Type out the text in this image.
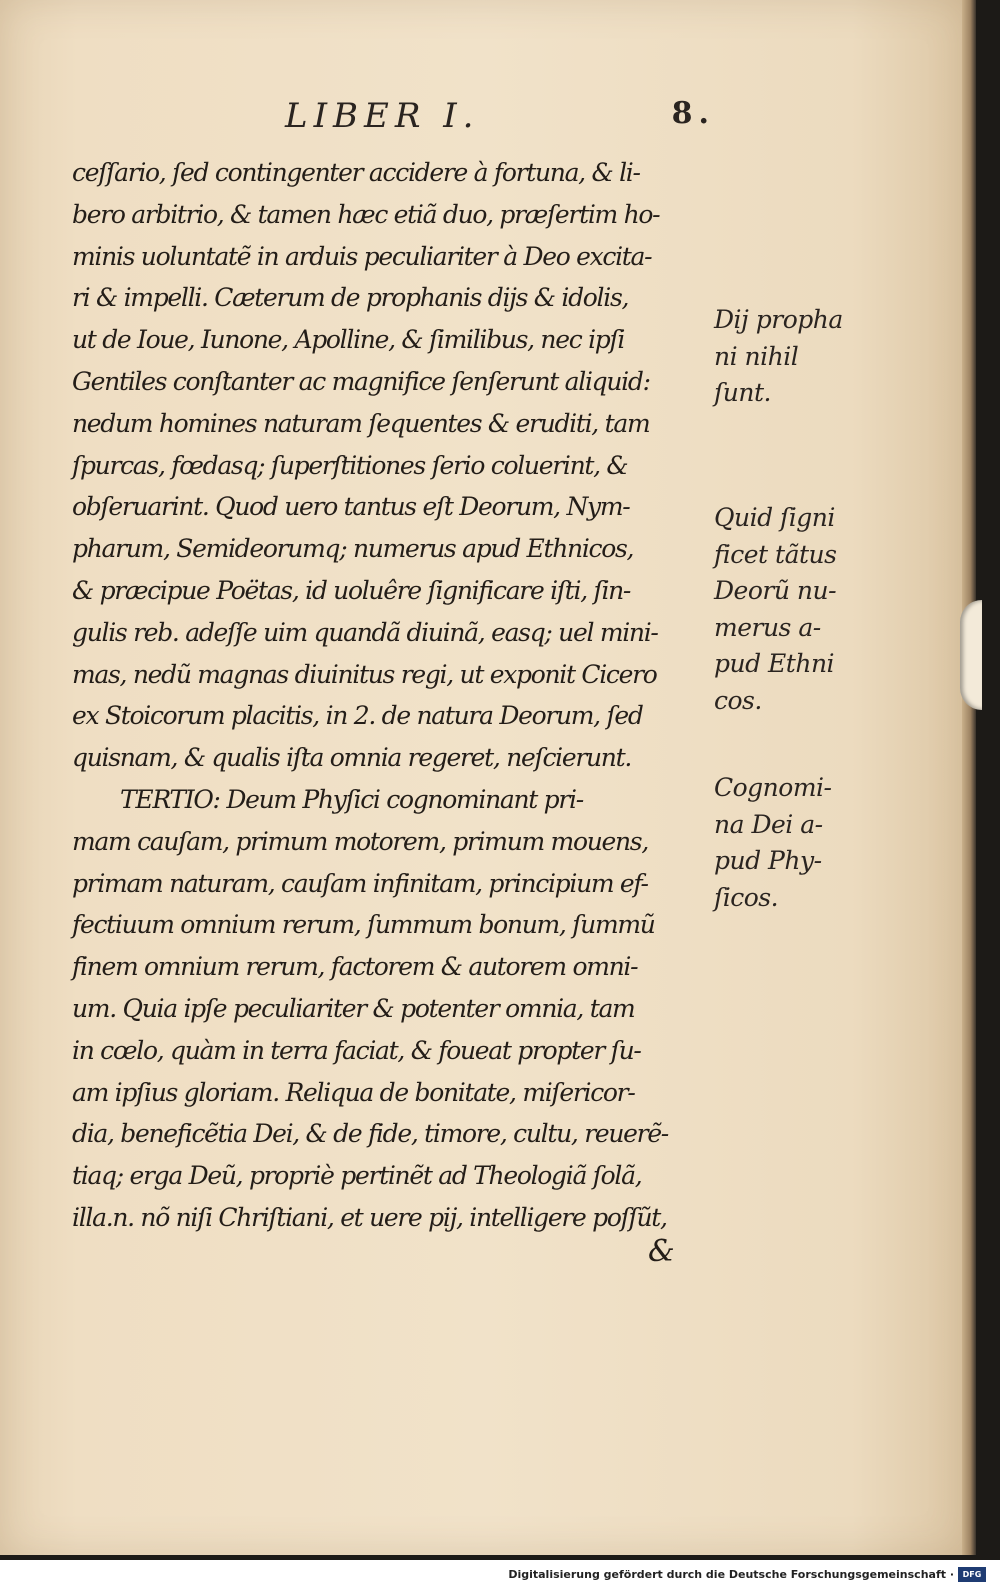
LIBER I.	8.
ceſſario, ſed contingenter accidere à fortuna, & li-
bero arbitrio, & tamen hæc etiã duo, præſertim ho-
minis uoluntatẽ in arduis peculiariter à Deo excita-
ri & impelli. Cæterum de prophanis dijs & idolis,
ut de Ioue, Iunone, Apolline, & ſimilibus, nec ipſi
Gentiles conſtanter ac magnifice ſenſerunt aliquid:
nedum homines naturam ſequentes & eruditi, tam
ſpurcas, fœdasq; ſuperſtitiones ſerio coluerint, &
obſeruarint. Quod uero tantus eſt Deorum, Nym-
pharum, Semideorumq; numerus apud Ethnicos,
& præcipue Poëtas, id uoluêre ſignificare iſti, ſin-
gulis reb. adeſſe uim quandã diuinã, easq; uel mini-
mas, nedũ magnas diuinitus regi, ut exponit Cicero
ex Stoicorum placitis, in 2. de natura Deorum, ſed
quisnam, & qualis iſta omnia regeret, neſcierunt.
TERTIO: Deum Phyſici cognominant pri-
mam cauſam, primum motorem, primum mouens,
primam naturam, cauſam infinitam, principium ef-
fectiuum omnium rerum, ſummum bonum, ſummũ
finem omnium rerum, factorem & autorem omni-
um. Quia ipſe peculiariter & potenter omnia, tam
in cœlo, quàm in terra faciat, & foueat propter ſu-
am ipſius gloriam. Reliqua de bonitate, miſericor-
dia, beneficẽtia Dei, & de fide, timore, cultu, reuerẽ-
tiaq; erga Deũ, propriè pertinẽt ad Theologiã ſolã,
illa.n. nõ niſi Chriſtiani, et uere pij, intelligere poſſũt,
&
Dij propha
ni nihil
ſunt.
Quid ſigni
ficet tãtus
Deorũ nu-
merus a-
pud Ethni
cos.
Cognomi-
na Dei a-
pud Phy-
ſicos.
Digitalisierung gefördert durch die Deutsche Forschungsgemeinschaft ·	DFG
